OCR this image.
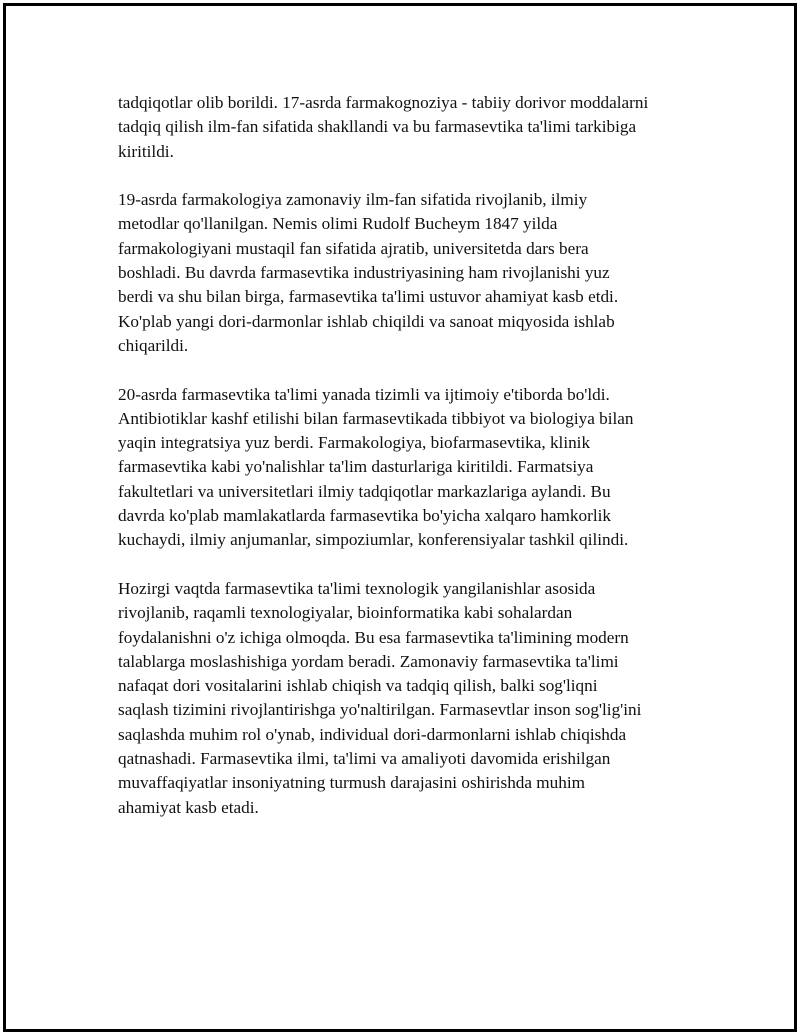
tadqiqotlar olib borildi. 17-asrda farmakognoziya - tabiiy dorivor moddalarni
tadqiq qilish ilm-fan sifatida shakllandi va bu farmasevtika ta'limi tarkibiga
kiritildi.

19-asrda farmakologiya zamonaviy ilm-fan sifatida rivojlanib, ilmiy
metodlar qo'llanilgan. Nemis olimi Rudolf Bucheym 1847 yilda
farmakologiyani mustaqil fan sifatida ajratib, universitetda dars bera
boshladi. Bu davrda farmasevtika industriyasining ham rivojlanishi yuz
berdi va shu bilan birga, farmasevtika ta'limi ustuvor ahamiyat kasb etdi.
Ko'plab yangi dori-darmonlar ishlab chiqildi va sanoat miqyosida ishlab
chiqarildi.

20-asrda farmasevtika ta'limi yanada tizimli va ijtimoiy e'tiborda bo'ldi.
Antibiotiklar kashf etilishi bilan farmasevtikada tibbiyot va biologiya bilan
yaqin integratsiya yuz berdi. Farmakologiya, biofarmasevtika, klinik
farmasevtika kabi yo'nalishlar ta'lim dasturlariga kiritildi. Farmatsiya
fakultetlari va universitetlari ilmiy tadqiqotlar markazlariga aylandi. Bu
davrda ko'plab mamlakatlarda farmasevtika bo'yicha xalqaro hamkorlik
kuchaydi, ilmiy anjumanlar, simpoziumlar, konferensiyalar tashkil qilindi.

Hozirgi vaqtda farmasevtika ta'limi texnologik yangilanishlar asosida
rivojlanib, raqamli texnologiyalar, bioinformatika kabi sohalardan
foydalanishni o'z ichiga olmoqda. Bu esa farmasevtika ta'limining modern
talablarga moslashishiga yordam beradi. Zamonaviy farmasevtika ta'limi
nafaqat dori vositalarini ishlab chiqish va tadqiq qilish, balki sog'liqni
saqlash tizimini rivojlantirishga yo'naltirilgan. Farmasevtlar inson sog'lig'ini
saqlashda muhim rol o'ynab, individual dori-darmonlarni ishlab chiqishda
qatnashadi. Farmasevtika ilmi, ta'limi va amaliyoti davomida erishilgan
muvaffaqiyatlar insoniyatning turmush darajasini oshirishda muhim
ahamiyat kasb etadi.
